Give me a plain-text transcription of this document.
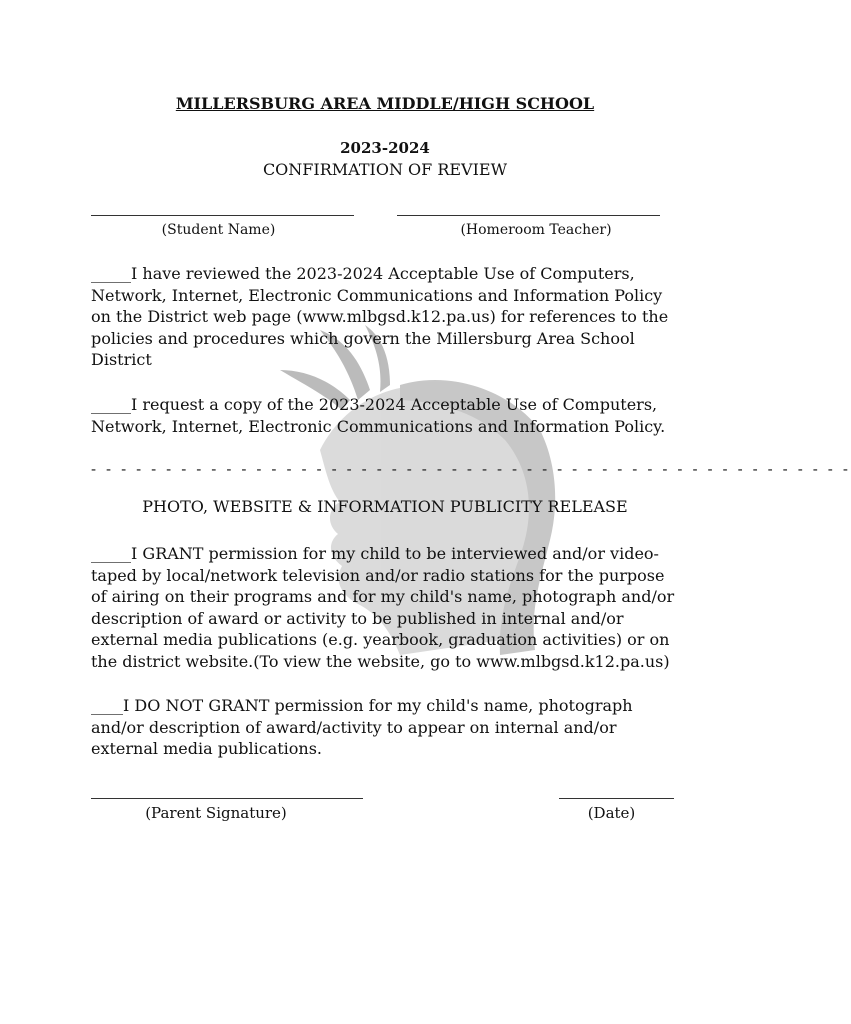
MILLERSBURG AREA MIDDLE/HIGH SCHOOL
2023-2024
CONFIRMATION OF REVIEW
(Student Name)	(Homeroom Teacher)
_____I have reviewed the 2023-2024 Acceptable Use of Computers,
Network, Internet, Electronic Communications and Information Policy
on the District web page (www.mlbgsd.k12.pa.us) for references to the
policies and procedures which govern the Millersburg Area School
District
_____I request a copy of the 2023-2024 Acceptable Use of Computers,
Network, Internet, Electronic Communications and Information Policy.
- - - - - - - - - - - - - - - - - - - - - - - - - - - - - - - - - - - - - - - - - - - - - - - - - - -
PHOTO, WEBSITE & INFORMATION PUBLICITY RELEASE
_____I GRANT permission for my child to be interviewed and/or video-
taped by local/network television and/or radio stations for the purpose
of airing on their programs and for my child's name, photograph and/or
description of award or activity to be published in internal and/or
external media publications (e.g. yearbook, graduation activities) or on
the district website.(To view the website, go to www.mlbgsd.k12.pa.us)
____I DO NOT GRANT permission for my child's name, photograph
and/or description of award/activity to appear on internal and/or
external media publications.
(Parent Signature)	(Date)
